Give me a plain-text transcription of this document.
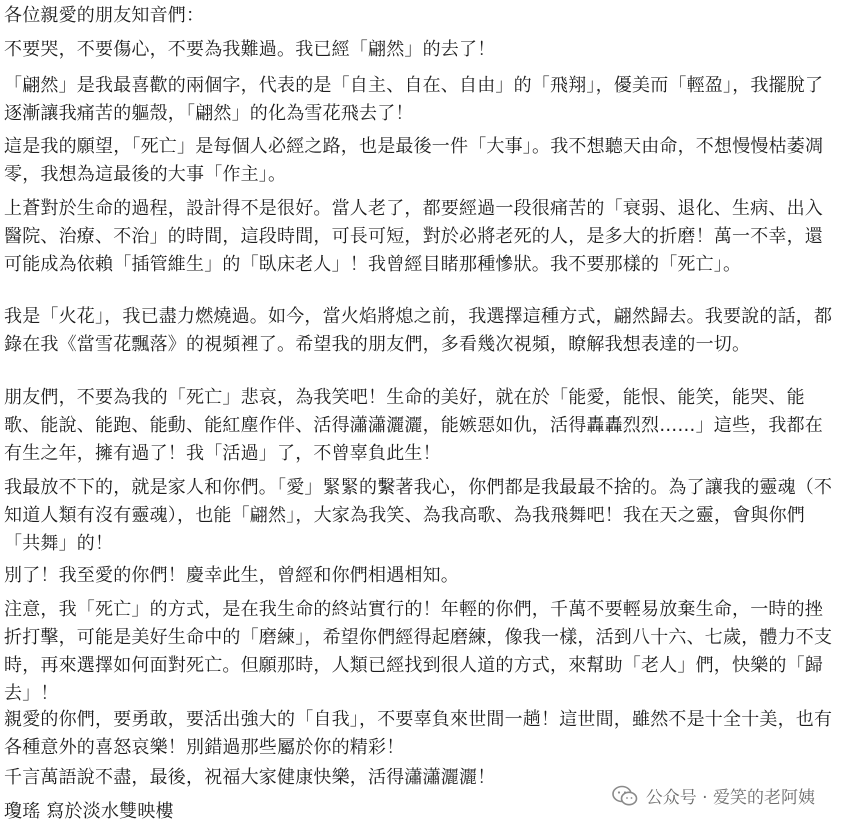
各位親愛的朋友知音們：

不要哭，不要傷心，不要為我難過。我已經「翩然」的去了！

「翩然」是我最喜歡的兩個字，代表的是「自主、自在、自由」的「飛翔」，優美而「輕盈」，我擺脫了逐漸讓我痛苦的軀殼，「翩然」的化為雪花飛去了！

這是我的願望，「死亡」是每個人必經之路，也是最後一件「大事」。我不想聽天由命，不想慢慢枯萎凋零，我想為這最後的大事「作主」。

上蒼對於生命的過程，設計得不是很好。當人老了，都要經過一段很痛苦的「衰弱、退化、生病、出入醫院、治療、不治」的時間，這段時間，可長可短，對於必將老死的人，是多大的折磨！萬一不幸，還可能成為依賴「插管維生」的「臥床老人」！我曾經目睹那種慘狀。我不要那樣的「死亡」。

我是「火花」，我已盡力燃燒過。如今，當火焰將熄之前，我選擇這種方式，翩然歸去。我要說的話，都錄在我《當雪花飄落》的視頻裡了。希望我的朋友們，多看幾次視頻，瞭解我想表達的一切。

朋友們，不要為我的「死亡」悲哀，為我笑吧！生命的美好，就在於「能愛，能恨、能笑，能哭、能歌、能說、能跑、能動、能紅塵作伴、活得瀟瀟灑灑，能嫉惡如仇，活得轟轟烈烈……」這些，我都在有生之年，擁有過了！我「活過」了，不曾辜負此生！

我最放不下的，就是家人和你們。「愛」緊緊的繫著我心，你們都是我最最不捨的。為了讓我的靈魂（不知道人類有沒有靈魂），也能「翩然」，大家為我笑、為我高歌、為我飛舞吧！我在天之靈，會與你們「共舞」的！

別了！我至愛的你們！慶幸此生，曾經和你們相遇相知。

注意，我「死亡」的方式，是在我生命的終站實行的！年輕的你們，千萬不要輕易放棄生命，一時的挫折打擊，可能是美好生命中的「磨練」，希望你們經得起磨練，像我一樣，活到八十六、七歲，體力不支時，再來選擇如何面對死亡。但願那時，人類已經找到很人道的方式，來幫助「老人」們，快樂的「歸去」！

親愛的你們，要勇敢，要活出強大的「自我」，不要辜負來世間一趟！這世間，雖然不是十全十美，也有各種意外的喜怒哀樂！別錯過那些屬於你的精彩！

千言萬語說不盡，最後，祝福大家健康快樂，活得瀟瀟灑灑！

瓊瑤 寫於淡水雙映樓

公众号 · 爱笑的老阿姨
